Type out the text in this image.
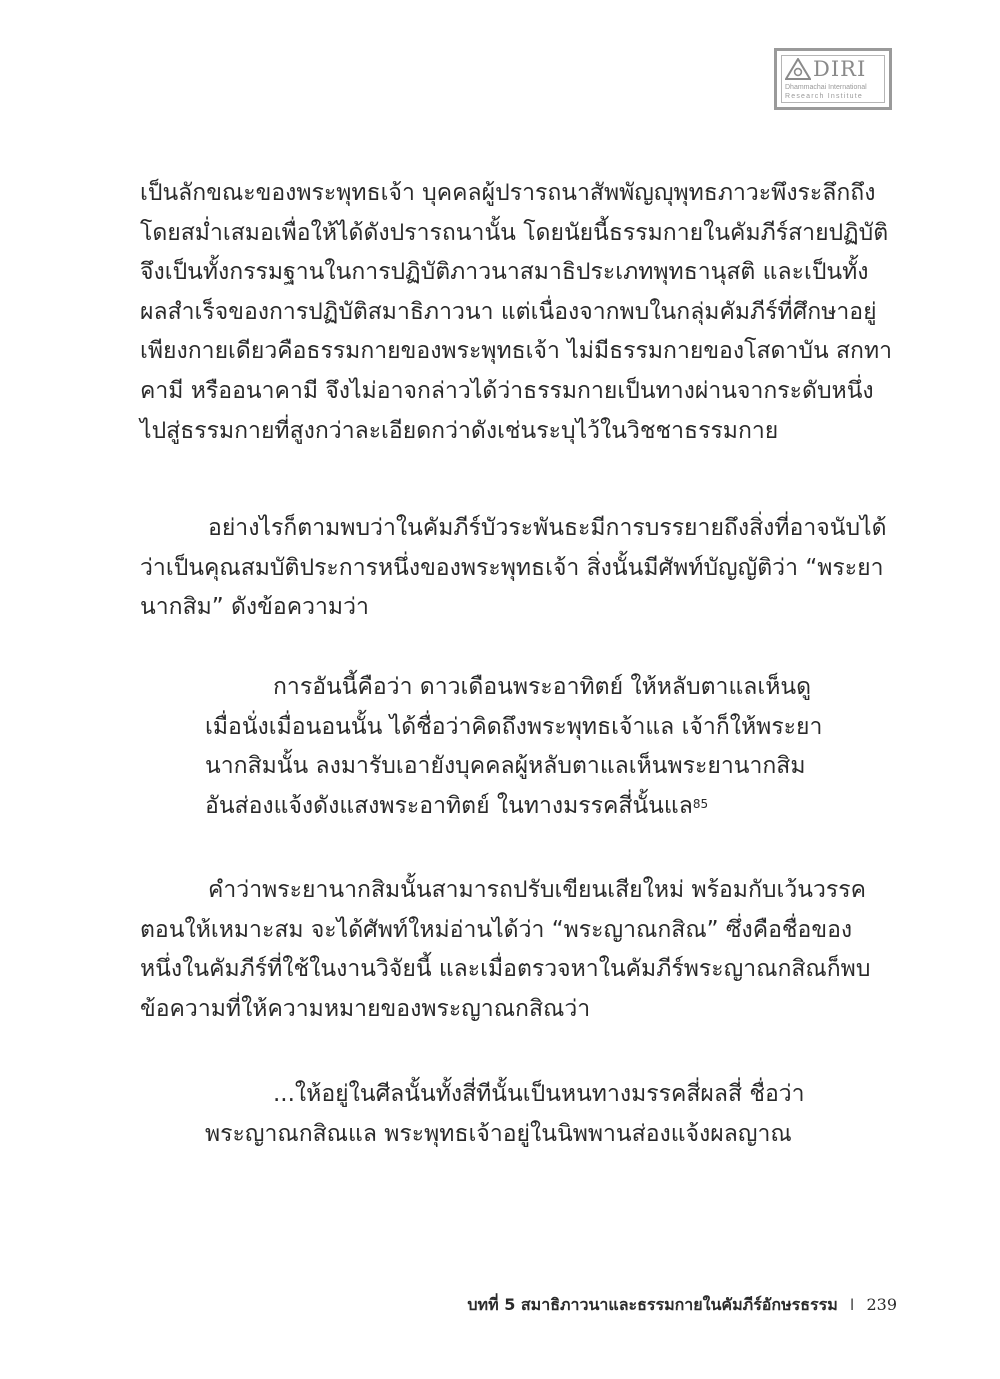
DIRI
Dhammachai International
Research Institute
เป็นลักขณะของพระพุทธเจ้า บุคคลผู้ปรารถนาสัพพัญญุพุทธภาวะพึงระลึกถึง
โดยสม่ำเสมอเพื่อให้ได้ดังปรารถนานั้น โดยนัยนี้ธรรมกายในคัมภีร์สายปฏิบัติ
จึงเป็นทั้งกรรมฐานในการปฏิบัติภาวนาสมาธิประเภทพุทธานุสติ และเป็นทั้ง
ผลสำเร็จของการปฏิบัติสมาธิภาวนา แต่เนื่องจากพบในกลุ่มคัมภีร์ที่ศึกษาอยู่
เพียงกายเดียวคือธรรมกายของพระพุทธเจ้า ไม่มีธรรมกายของโสดาบัน สกทา
คามี หรืออนาคามี จึงไม่อาจกล่าวได้ว่าธรรมกายเป็นทางผ่านจากระดับหนึ่ง
ไปสู่ธรรมกายที่สูงกว่าละเอียดกว่าดังเช่นระบุไว้ในวิชชาธรรมกาย
อย่างไรก็ตามพบว่าในคัมภีร์บัวระพันธะมีการบรรยายถึงสิ่งที่อาจนับได้
ว่าเป็นคุณสมบัติประการหนึ่งของพระพุทธเจ้า สิ่งนั้นมีศัพท์บัญญัติว่า “พระยา
นากสิม” ดังข้อความว่า
การอันนี้คือว่า ดาวเดือนพระอาทิตย์ ให้หลับตาแลเห็นดู
เมื่อนั่งเมื่อนอนนั้น ได้ชื่อว่าคิดถึงพระพุทธเจ้าแล เจ้าก็ให้พระยา
นากสิมนั้น ลงมารับเอายังบุคคลผู้หลับตาแลเห็นพระยานากสิม
อันส่องแจ้งดังแสงพระอาทิตย์ ในทางมรรคสี่นั้นแล$^{85}$
คำว่าพระยานากสิมนั้นสามารถปรับเขียนเสียใหม่ พร้อมกับเว้นวรรค
ตอนให้เหมาะสม จะได้ศัพท์ใหม่อ่านได้ว่า “พระญาณกสิณ” ซึ่งคือชื่อของ
หนึ่งในคัมภีร์ที่ใช้ในงานวิจัยนี้ และเมื่อตรวจหาในคัมภีร์พระญาณกสิณก็พบ
ข้อความที่ให้ความหมายของพระญาณกสิณว่า
...ให้อยู่ในศีลนั้นทั้งสี่ทีนั้นเป็นหนทางมรรคสี่ผลสี่ ชื่อว่า
พระญาณกสิณแล พระพุทธเจ้าอยู่ในนิพพานส่องแจ้งผลญาณ
บทที่ 5 สมาธิภาวนาและธรรมกายในคัมภีร์อักษรธรรม I 239
